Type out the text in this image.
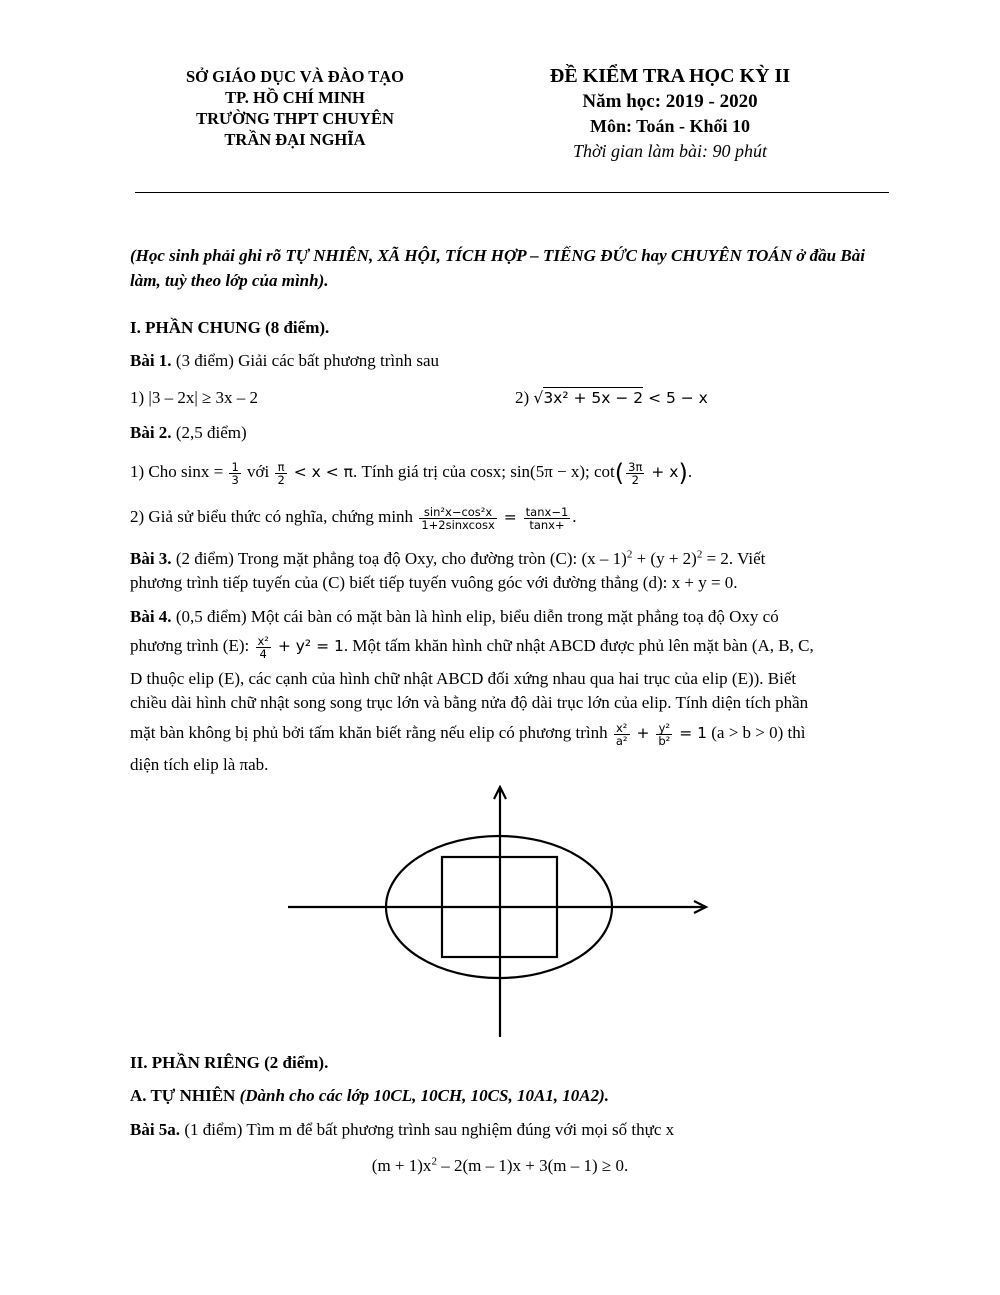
SỞ GIÁO DỤC VÀ ĐÀO TẠO
TP. HỒ CHÍ MINH
TRƯỜNG THPT CHUYÊN
TRẦN ĐẠI NGHĨA
ĐỀ KIỂM TRA HỌC KỲ II
Năm học: 2019 - 2020
Môn: Toán - Khối 10
Thời gian làm bài: 90 phút
(Học sinh phải ghi rõ TỰ NHIÊN, XÃ HỘI, TÍCH HỢP – TIẾNG ĐỨC hay CHUYÊN TOÁN ở đầu Bài làm, tuỳ theo lớp của mình).
I. PHẦN CHUNG (8 điểm).
Bài 1. (3 điểm) Giải các bất phương trình sau
1) |3 – 2x| ≥ 3x – 2	2) √3x² + 5x − 2 < 5 − x
Bài 2. (2,5 điểm)
1) Cho $\sin x = \frac{1}{3}$ với $\frac{\pi}{2} < x < \pi$. Tính giá trị của cosx; sin(5π − x); $\cot( \frac{3\pi}{2} + x)$.
2) Giả sử biểu thức có nghĩa, chứng minh $\frac{\text{sin²x−cos²x}}{\text{1+2sinxcosx}} = \frac{\tan x-1}{\tan x+}$ .
Bài 3. (2 điểm) Trong mặt phẳng toạ độ Oxy, cho đường tròn (C): $(x - 1)^2 + (y + 2)^2 = 2$. Viết
phương trình tiếp tuyến của (C) biết tiếp tuyến vuông góc với đường thẳng (d): x + y = 0.
Bài 4. (0,5 điểm) Một cái bàn có mặt bàn là hình elip, biểu diễn trong mặt phẳng toạ độ Oxy có
phương trình (E): $\frac{\text{x²}}{4} + y^2 = 1$. Một tấm khăn hình chữ nhật ABCD được phủ lên mặt bàn (A, B, C,
D thuộc elip (E), các cạnh của hình chữ nhật ABCD đối xứng nhau qua hai trục của elip (E)). Biết
chiều dài hình chữ nhật song song trục lớn và bằng nửa độ dài trục lớn của elip. Tính diện tích phần
mặt bàn không bị phủ bởi tấm khăn biết rằng nếu elip có phương trình $\frac{\text{x²}}{\text{a²}} + \frac{\text{y²}}{\text{b²}} = 1$ (a > b > 0) thì
diện tích elip là πab.
II. PHẦN RIÊNG (2 điểm).
A. TỰ NHIÊN (Dành cho các lớp 10CL, 10CH, 10CS, 10A1, 10A2).
Bài 5a. (1 điểm) Tìm m để bất phương trình sau nghiệm đúng với mọi số thực x
$(m + 1)x^2 - 2(m - 1)x + 3(m - 1) \ge 0$.
